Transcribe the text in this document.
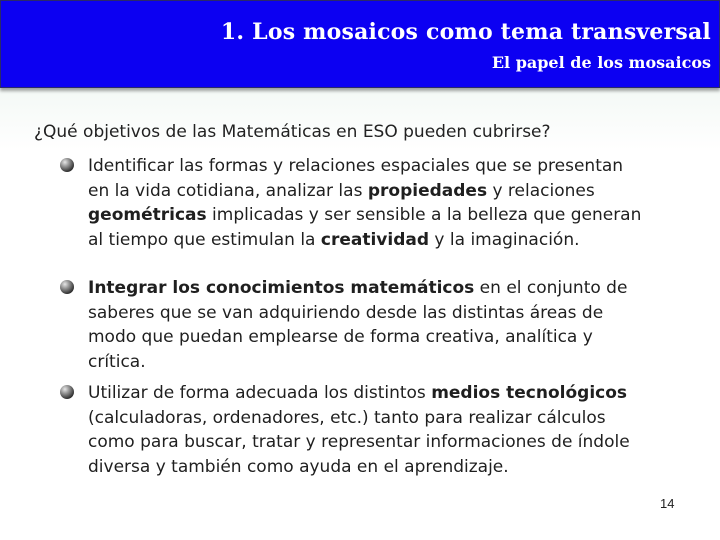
1. Los mosaicos como tema transversal
El papel de los mosaicos
¿Qué objetivos de las Matemáticas en ESO pueden cubrirse?
Identificar las formas y relaciones espaciales que se presentan en la vida cotidiana, analizar las propiedades y relaciones geométricas implicadas y ser sensible a la belleza que generan al tiempo que estimulan la creatividad y la imaginación.
Integrar los conocimientos matemáticos en el conjunto de saberes que se van adquiriendo desde las distintas áreas de modo que puedan emplearse de forma creativa, analítica y crítica.
Utilizar de forma adecuada los distintos medios tecnológicos (calculadoras, ordenadores, etc.) tanto para realizar cálculos como para buscar, tratar y representar informaciones de índole diversa y también como ayuda en el aprendizaje.
14
